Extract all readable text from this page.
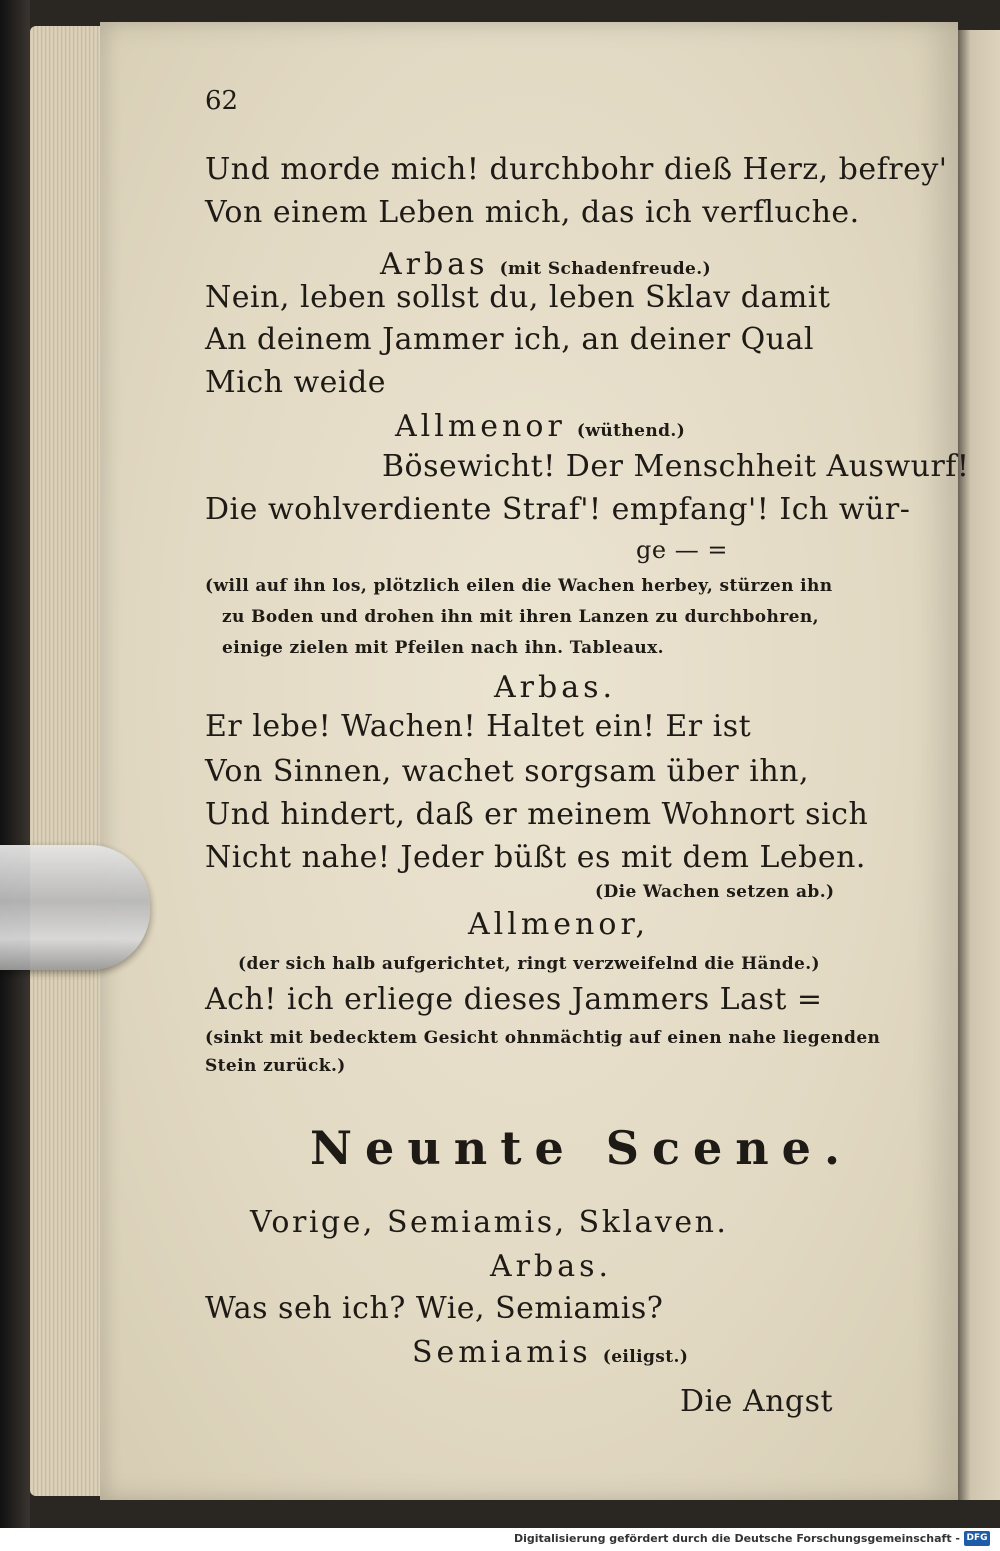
62
Und morde mich! durchbohr dieß Herz, befrey'
Von einem Leben mich, das ich verfluche.
Arbas (mit Schadenfreude.)
Nein, leben sollst du, leben Sklav damit
An deinem Jammer ich, an deiner Qual
Mich weide
Allmenor (wüthend.)
Bösewicht! Der Menschheit Auswurf!
Die wohlverdiente Straf'! empfang'! Ich wür-
ge — =
(will auf ihn los, plötzlich eilen die Wachen herbey, stürzen ihn
zu Boden und drohen ihn mit ihren Lanzen zu durchbohren,
einige zielen mit Pfeilen nach ihn. Tableaux.
Arbas.
Er lebe! Wachen! Haltet ein! Er ist
Von Sinnen, wachet sorgsam über ihn,
Und hindert, daß er meinem Wohnort sich
Nicht nahe! Jeder büßt es mit dem Leben.
(Die Wachen setzen ab.)
Allmenor,
(der sich halb aufgerichtet, ringt verzweifelnd die Hände.)
Ach! ich erliege dieses Jammers Last =
(sinkt mit bedecktem Gesicht ohnmächtig auf einen nahe liegenden
Stein zurück.)
Neunte Scene.
Vorige, Semiamis, Sklaven.
Arbas.
Was seh ich? Wie, Semiamis?
Semiamis (eiligst.)
Die Angst
Digitalisierung gefördert durch die Deutsche Forschungsgemeinschaft - DFG
